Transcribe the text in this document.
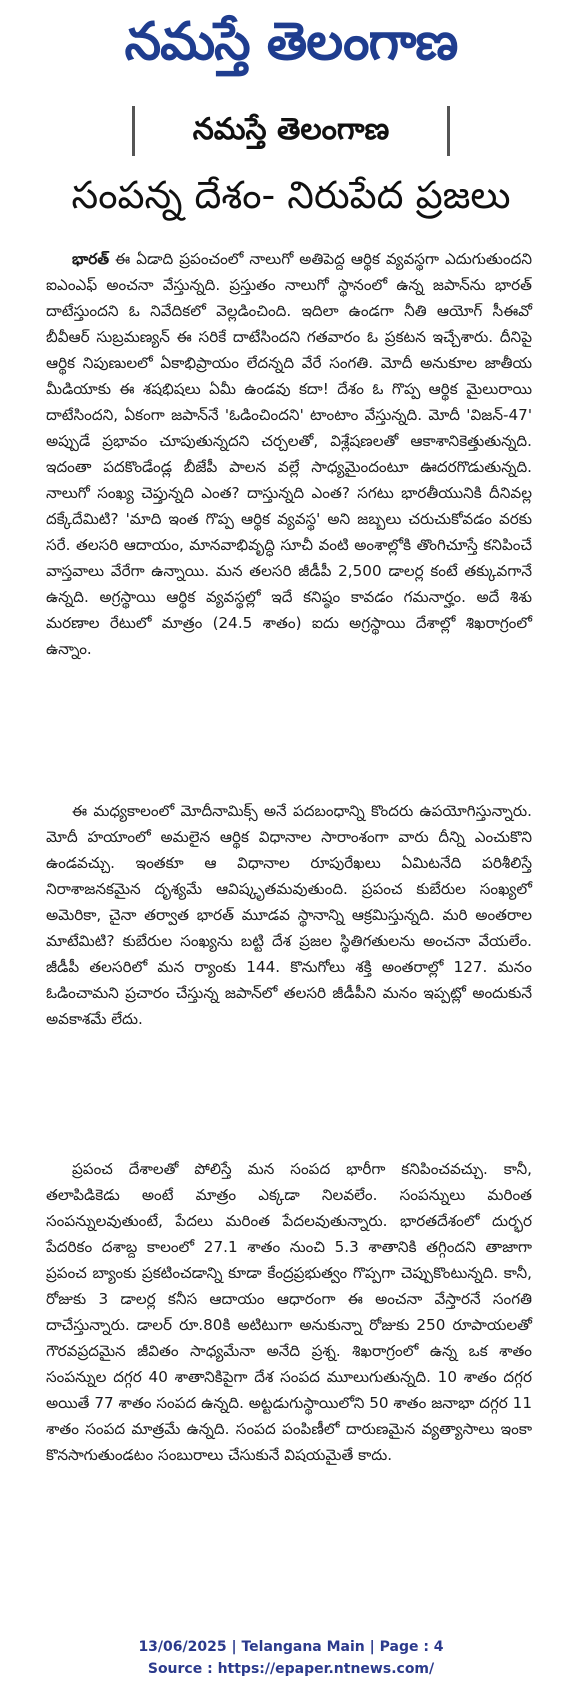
నమస్తే తెలంగాణ
నమస్తే తెలంగాణ
సంపన్న దేశం- నిరుపేద ప్రజలు

భారత్ ఈ ఏడాది ప్రపంచంలో నాలుగో అతిపెద్ద ఆర్థిక వ్యవస్థగా ఎదుగుతుందని ఐఎంఎఫ్ అంచనా వేస్తున్నది. ప్రస్తుతం నాలుగో స్థానంలో ఉన్న జపాన్‌ను భారత్ దాటేస్తుందని ఓ నివేదికలో వెల్లడించింది. ఇదిలా ఉండగా నీతి ఆయోగ్ సీఈవో బీవీఆర్ సుబ్రమణ్యన్ ఈ సరికే దాటేసిందని గతవారం ఓ ప్రకటన ఇచ్చేశారు. దీనిపై ఆర్థిక నిపుణులలో ఏకాభిప్రాయం లేదన్నది వేరే సంగతి. మోదీ అనుకూల జాతీయ మీడియాకు ఈ శషభిషలు ఏమీ ఉండవు కదా! దేశం ఓ గొప్ప ఆర్థిక మైలురాయి దాటేసిందని, ఏకంగా జపాన్‌నే 'ఓడించిందని' టాంటాం వేస్తున్నది. మోదీ 'విజన్-47' అప్పుడే ప్రభావం చూపుతున్నదని చర్చలతో, విశ్లేషణలతో ఆకాశానికెత్తుతున్నది. ఇదంతా పదకొండేండ్ల బీజేపీ పాలన వల్లే సాధ్యమైందంటూ ఊదరగొడుతున్నది. నాలుగో సంఖ్య చెప్తున్నది ఎంత? దాస్తున్నది ఎంత? సగటు భారతీయునికి దీనివల్ల దక్కేదేమిటి? 'మాది ఇంత గొప్ప ఆర్థిక వ్యవస్థ' అని జబ్బలు చరుచుకోవడం వరకు సరే. తలసరి ఆదాయం, మానవాభివృద్ధి సూచీ వంటి అంశాల్లోకి తొంగిచూస్తే కనిపించే వాస్తవాలు వేరేగా ఉన్నాయి. మన తలసరి జీడీపీ 2,500 డాలర్ల కంటే తక్కువగానే ఉన్నది. అగ్రస్థాయి ఆర్థిక వ్యవస్థల్లో ఇదే కనిష్ఠం కావడం గమనార్హం. అదే శిశు మరణాల రేటులో మాత్రం (24.5 శాతం) ఐదు అగ్రస్థాయి దేశాల్లో శిఖరాగ్రంలో ఉన్నాం.

ఈ మధ్యకాలంలో మోదీనామిక్స్ అనే పదబంధాన్ని కొందరు ఉపయోగిస్తున్నారు. మోదీ హయాంలో అమలైన ఆర్థిక విధానాల సారాంశంగా వారు దీన్ని ఎంచుకొని ఉండవచ్చు. ఇంతకూ ఆ విధానాల రూపురేఖలు ఏమిటనేది పరిశీలిస్తే నిరాశాజనకమైన దృశ్యమే ఆవిష్కృతమవుతుంది. ప్రపంచ కుబేరుల సంఖ్యలో అమెరికా, చైనా తర్వాత భారత్ మూడవ స్థానాన్ని ఆక్రమిస్తున్నది. మరి అంతరాల మాటేమిటి? కుబేరుల సంఖ్యను బట్టి దేశ ప్రజల స్థితిగతులను అంచనా వేయలేం. జీడీపీ తలసరిలో మన ర్యాంకు 144. కొనుగోలు శక్తి అంతరాల్లో 127. మనం ఓడించామని ప్రచారం చేస్తున్న జపాన్‌లో తలసరి జీడీపీని మనం ఇప్పట్లో అందుకునే అవకాశమే లేదు.

ప్రపంచ దేశాలతో పోలిస్తే మన సంపద భారీగా కనిపించవచ్చు. కానీ, తలాపిడికెడు అంటే మాత్రం ఎక్కడా నిలవలేం. సంపన్నులు మరింత సంపన్నులవుతుంటే, పేదలు మరింత పేదలవుతున్నారు. భారతదేశంలో దుర్భర పేదరికం దశాబ్ద కాలంలో 27.1 శాతం నుంచి 5.3 శాతానికి తగ్గిందని తాజాగా ప్రపంచ బ్యాంకు ప్రకటించడాన్ని కూడా కేంద్రప్రభుత్వం గొప్పగా చెప్పుకొంటున్నది. కానీ, రోజుకు 3 డాలర్ల కనీస ఆదాయం ఆధారంగా ఈ అంచనా వేస్తారనే సంగతి దాచేస్తున్నారు. డాలర్ రూ.80కి అటిటుగా అనుకున్నా రోజుకు 250 రూపాయలతో గౌరవప్రదమైన జీవితం సాధ్యమేనా అనేది ప్రశ్న. శిఖరాగ్రంలో ఉన్న ఒక శాతం సంపన్నుల దగ్గర 40 శాతానికిపైగా దేశ సంపద మూలుగుతున్నది. 10 శాతం దగ్గర అయితే 77 శాతం సంపద ఉన్నది. అట్టడుగుస్థాయిలోని 50 శాతం జనాభా దగ్గర 11 శాతం సంపద మాత్రమే ఉన్నది. సంపద పంపిణీలో దారుణమైన వ్యత్యాసాలు ఇంకా కొనసాగుతుండటం సంబురాలు చేసుకునే విషయమైతే కాదు.

13/06/2025 | Telangana Main | Page : 4
Source : https://epaper.ntnews.com/
